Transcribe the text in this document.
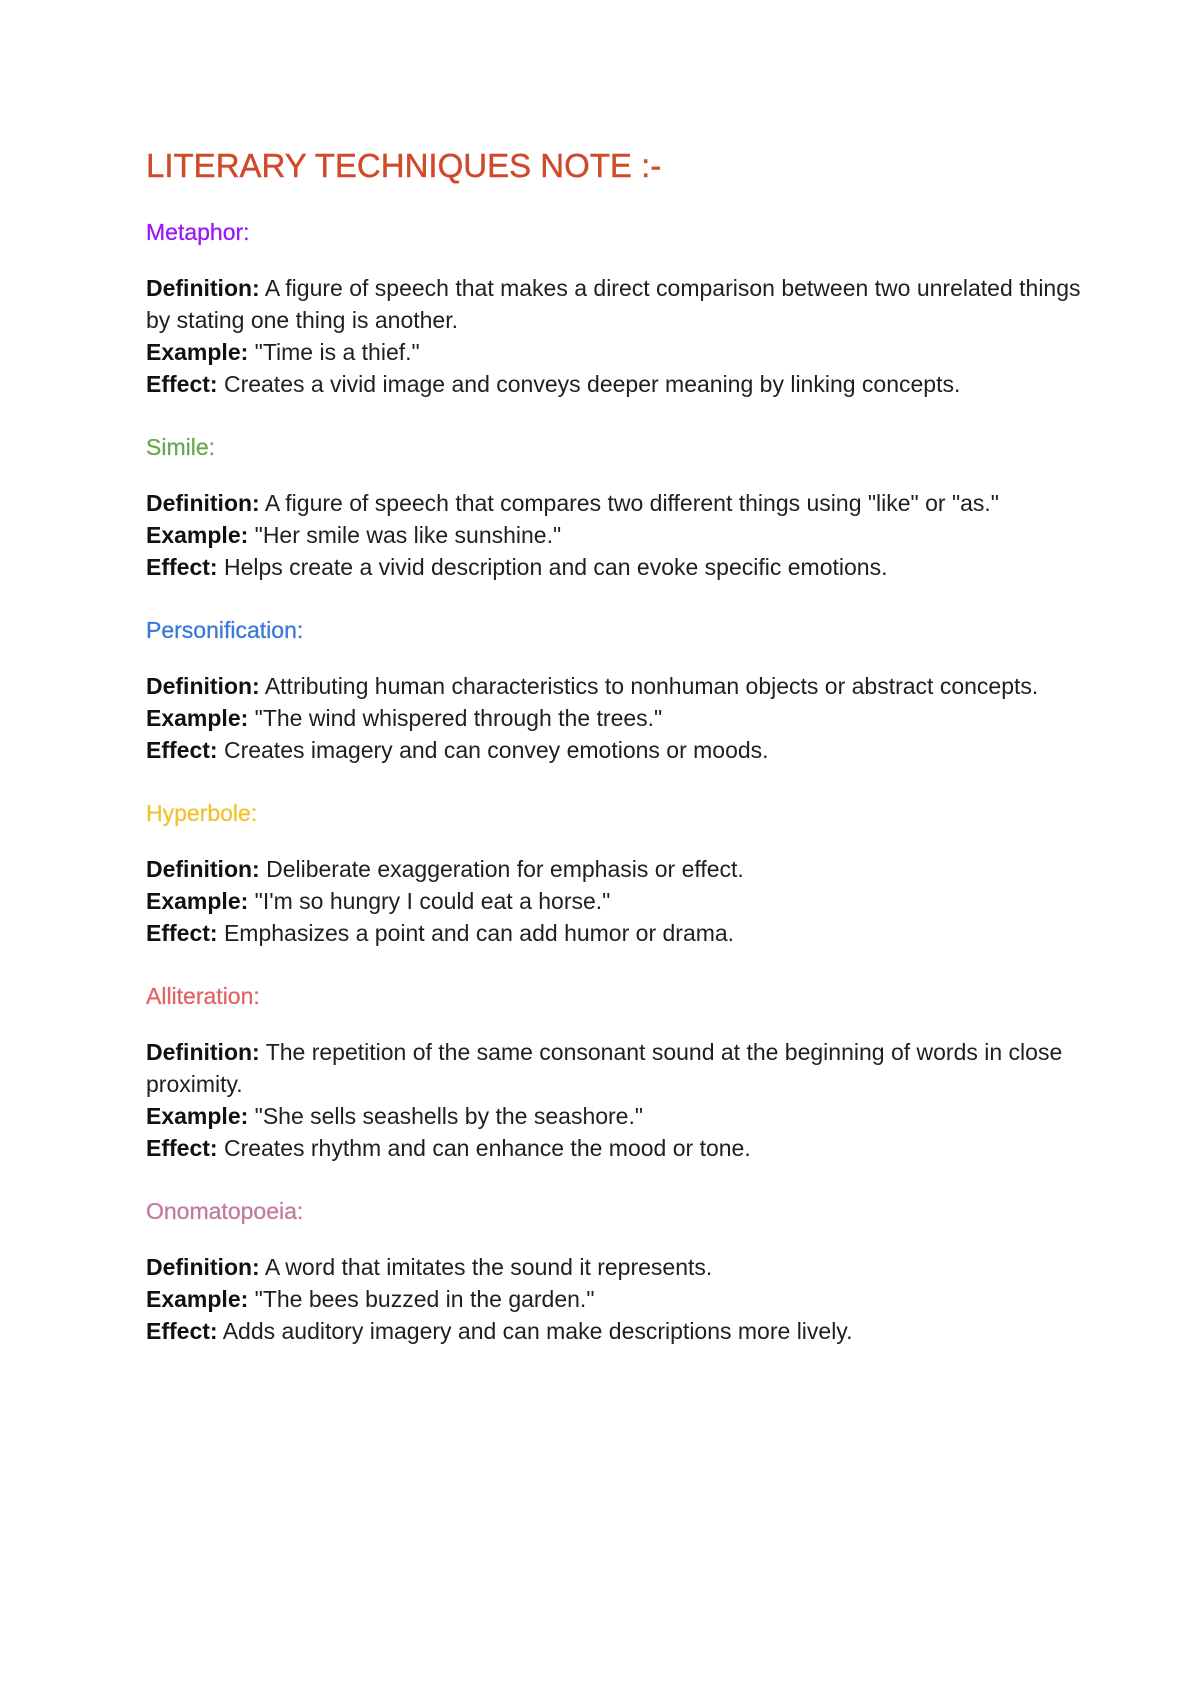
LITERARY TECHNIQUES NOTE :-
Metaphor:

Definition: A figure of speech that makes a direct comparison between two unrelated things by stating one thing is another.

Example: "Time is a thief."

Effect: Creates a vivid image and conveys deeper meaning by linking concepts.

Simile:

Definition: A figure of speech that compares two different things using "like" or "as."

Example: "Her smile was like sunshine."

Effect: Helps create a vivid description and can evoke specific emotions.

Personification:

Definition: Attributing human characteristics to nonhuman objects or abstract concepts.

Example: "The wind whispered through the trees."

Effect: Creates imagery and can convey emotions or moods.

Hyperbole:

Definition: Deliberate exaggeration for emphasis or effect.

Example: "I'm so hungry I could eat a horse."

Effect: Emphasizes a point and can add humor or drama.

Alliteration:

Definition: The repetition of the same consonant sound at the beginning of words in close proximity.

Example: "She sells seashells by the seashore."

Effect: Creates rhythm and can enhance the mood or tone.

Onomatopoeia:

Definition: A word that imitates the sound it represents.

Example: "The bees buzzed in the garden."

Effect: Adds auditory imagery and can make descriptions more lively.
